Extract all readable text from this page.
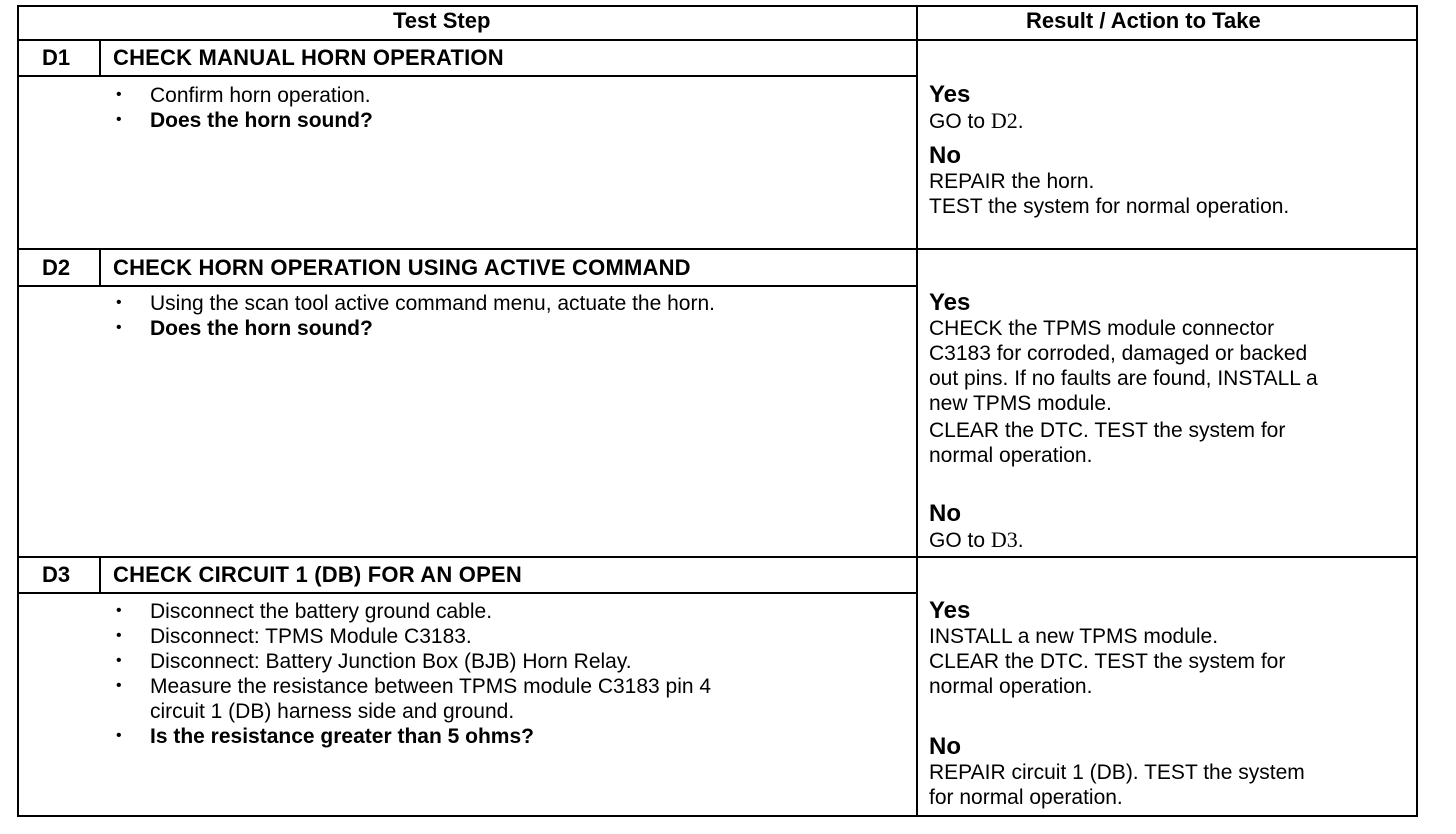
Test Step	Result / Action to Take
D1 CHECK MANUAL HORN OPERATION
• Confirm horn operation.
• Does the horn sound?
Yes
GO to D2.
No
REPAIR the horn.
TEST the system for normal operation.
D2 CHECK HORN OPERATION USING ACTIVE COMMAND
• Using the scan tool active command menu, actuate the horn.
• Does the horn sound?
Yes
CHECK the TPMS module connector
C3183 for corroded, damaged or backed
out pins. If no faults are found, INSTALL a
new TPMS module.
CLEAR the DTC. TEST the system for
normal operation.
No
GO to D3.
D3 CHECK CIRCUIT 1 (DB) FOR AN OPEN
• Disconnect the battery ground cable.
• Disconnect: TPMS Module C3183.
• Disconnect: Battery Junction Box (BJB) Horn Relay.
• Measure the resistance between TPMS module C3183 pin 4
circuit 1 (DB) harness side and ground.
• Is the resistance greater than 5 ohms?
Yes
INSTALL a new TPMS module.
CLEAR the DTC. TEST the system for
normal operation.
No
REPAIR circuit 1 (DB). TEST the system
for normal operation.
